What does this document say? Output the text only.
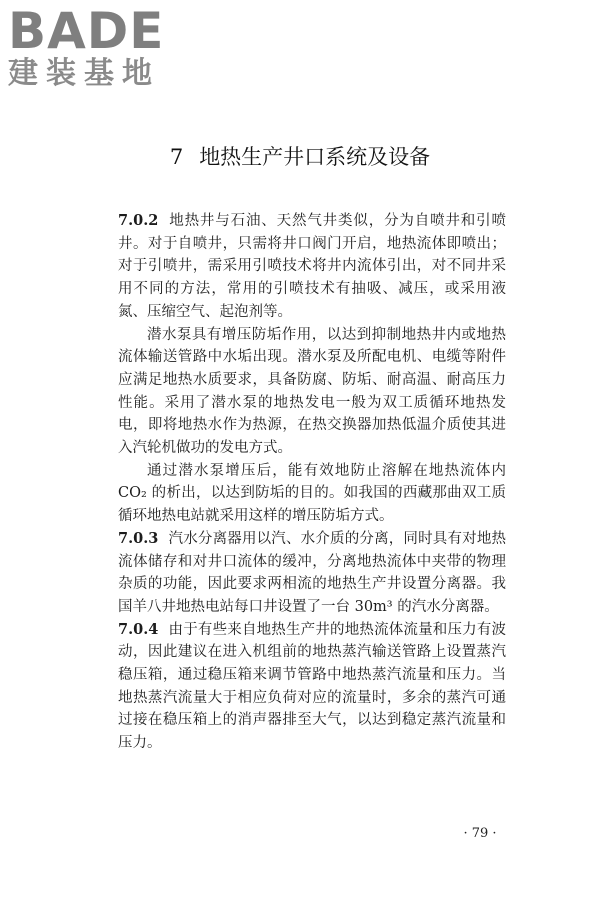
BADE
建装基地
7 地热生产井口系统及设备

7.0.2 地热井与石油、天然气井类似，分为自喷井和引喷井。对于自喷井，只需将井口阀门开启，地热流体即喷出；对于引喷井，需采用引喷技术将井内流体引出，对不同井采用不同的方法，常用的引喷技术有抽吸、减压，或采用液氮、压缩空气、起泡剂等。

潜水泵具有增压防垢作用，以达到抑制地热井内或地热流体输送管路中水垢出现。潜水泵及所配电机、电缆等附件应满足地热水质要求，具备防腐、防垢、耐高温、耐高压力性能。采用了潜水泵的地热发电一般为双工质循环地热发电，即将地热水作为热源，在热交换器加热低温介质使其进入汽轮机做功的发电方式。

通过潜水泵增压后，能有效地防止溶解在地热流体内 CO₂ 的析出，以达到防垢的目的。如我国的西藏那曲双工质循环地热电站就采用这样的增压防垢方式。

7.0.3 汽水分离器用以汽、水介质的分离，同时具有对地热流体储存和对井口流体的缓冲，分离地热流体中夹带的物理杂质的功能，因此要求两相流的地热生产井设置分离器。我国羊八井地热电站每口井设置了一台 30m³ 的汽水分离器。

7.0.4 由于有些来自地热生产井的地热流体流量和压力有波动，因此建议在进入机组前的地热蒸汽输送管路上设置蒸汽稳压箱，通过稳压箱来调节管路中地热蒸汽流量和压力。当地热蒸汽流量大于相应负荷对应的流量时，多余的蒸汽可通过接在稳压箱上的消声器排至大气，以达到稳定蒸汽流量和压力。

· 79 ·
